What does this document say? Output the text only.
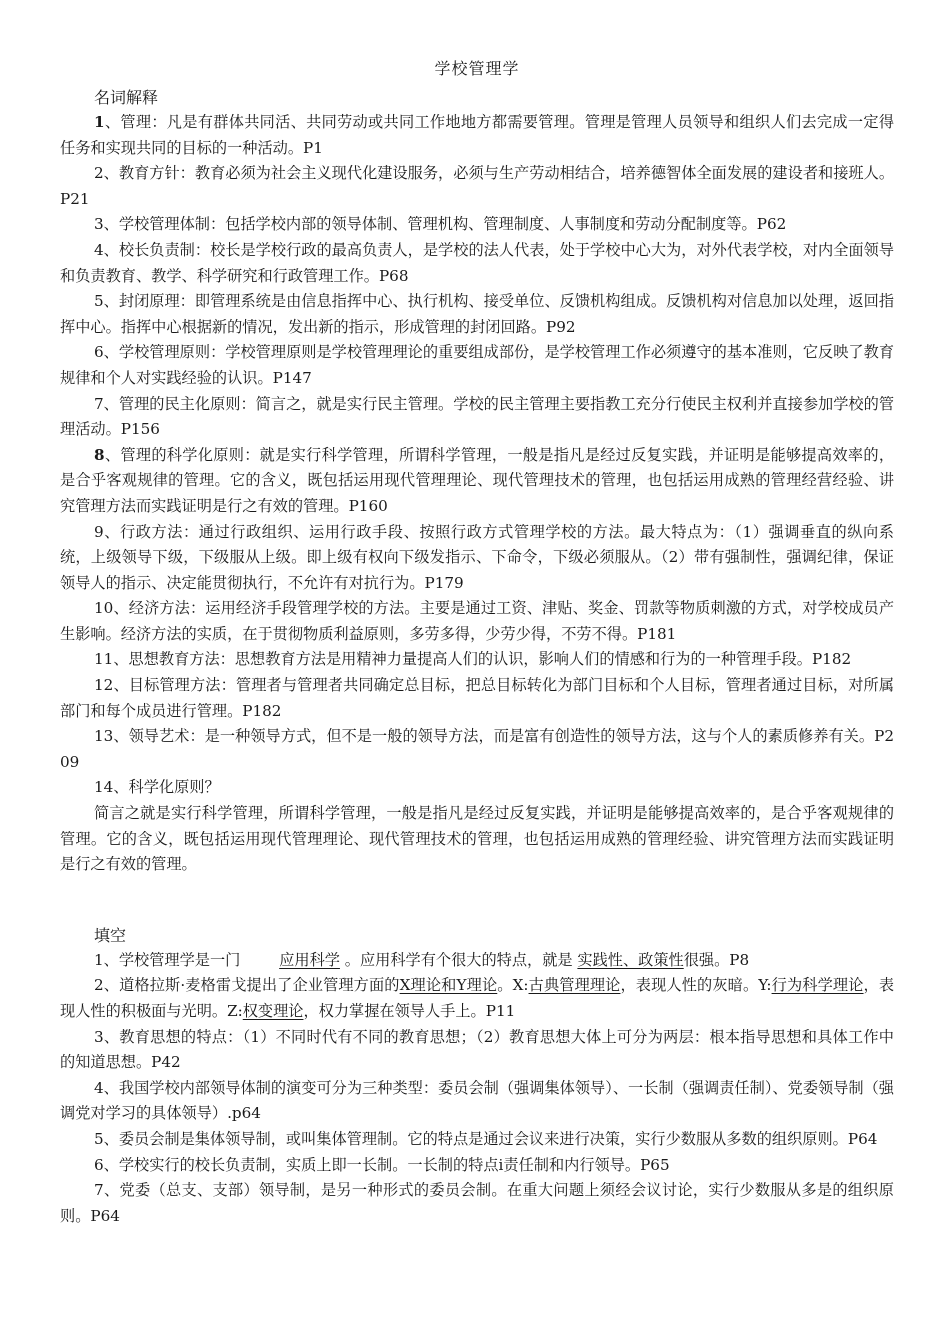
学校管理学
名词解释
1、管理：凡是有群体共同活、共同劳动或共同工作地地方都需要管理。管理是管理人员领导和组织人们去完成一定得任务和实现共同的目标的一种活动。P1
2、教育方针：教育必须为社会主义现代化建设服务，必须与生产劳动相结合，培养德智体全面发展的建设者和接班人。P21
3、学校管理体制：包括学校内部的领导体制、管理机构、管理制度、人事制度和劳动分配制度等。P62
4、校长负责制：校长是学校行政的最高负责人，是学校的法人代表，处于学校中心大为，对外代表学校，对内全面领导和负责教育、教学、科学研究和行政管理工作。P68
5、封闭原理：即管理系统是由信息指挥中心、执行机构、接受单位、反馈机构组成。反馈机构对信息加以处理，返回指挥中心。指挥中心根据新的情况，发出新的指示，形成管理的封闭回路。P92
6、学校管理原则：学校管理原则是学校管理理论的重要组成部份，是学校管理工作必须遵守的基本准则，它反映了教育规律和个人对实践经验的认识。P147
7、管理的民主化原则：简言之，就是实行民主管理。学校的民主管理主要指教工充分行使民主权利并直接参加学校的管理活动。P156
8、管理的科学化原则：就是实行科学管理，所谓科学管理，一般是指凡是经过反复实践，并证明是能够提高效率的，是合乎客观规律的管理。它的含义，既包括运用现代管理理论、现代管理技术的管理，也包括运用成熟的管理经营经验、讲究管理方法而实践证明是行之有效的管理。P160
9、行政方法：通过行政组织、运用行政手段、按照行政方式管理学校的方法。最大特点为：（1）强调垂直的纵向系统，上级领导下级，下级服从上级。即上级有权向下级发指示、下命令，下级必须服从。（2）带有强制性，强调纪律，保证领导人的指示、决定能贯彻执行，不允许有对抗行为。P179
10、经济方法：运用经济手段管理学校的方法。主要是通过工资、津贴、奖金、罚款等物质刺激的方式，对学校成员产生影响。经济方法的实质，在于贯彻物质利益原则，多劳多得，少劳少得，不劳不得。P181
11、思想教育方法：思想教育方法是用精神力量提高人们的认识，影响人们的情感和行为的一种管理手段。P182
12、目标管理方法：管理者与管理者共同确定总目标，把总目标转化为部门目标和个人目标，管理者通过目标，对所属部门和每个成员进行管理。P182
13、领导艺术：是一种领导方式，但不是一般的领导方法，而是富有创造性的领导方法，这与个人的素质修养有关。P209
14、科学化原则？
简言之就是实行科学管理，所谓科学管理，一般是指凡是经过反复实践，并证明是能够提高效率的，是合乎客观规律的管理。它的含义，既包括运用现代管理理论、现代管理技术的管理，也包括运用成熟的管理经验、讲究管理方法而实践证明是行之有效的管理。
填空
1、学校管理学是一门	应用科学 。应用科学有个很大的特点，就是 实践性、政策性很强。P8
2、道格拉斯·麦格雷戈提出了企业管理方面的X理论和Y理论。X:古典管理理论，表现人性的灰暗。Y:行为科学理论，表现人性的积极面与光明。Z:权变理论，权力掌握在领导人手上。P11
3、教育思想的特点：（1）不同时代有不同的教育思想；（2）教育思想大体上可分为两层：根本指导思想和具体工作中的知道思想。P42
4、我国学校内部领导体制的演变可分为三种类型：委员会制（强调集体领导）、一长制（强调责任制）、党委领导制（强调党对学习的具体领导）.p64
5、委员会制是集体领导制，或叫集体管理制。它的特点是通过会议来进行决策，实行少数服从多数的组织原则。P64
6、学校实行的校长负责制，实质上即一长制。一长制的特点i责任制和内行领导。P65
7、党委（总支、支部）领导制，是另一种形式的委员会制。在重大问题上须经会议讨论，实行少数服从多是的组织原则。P64
